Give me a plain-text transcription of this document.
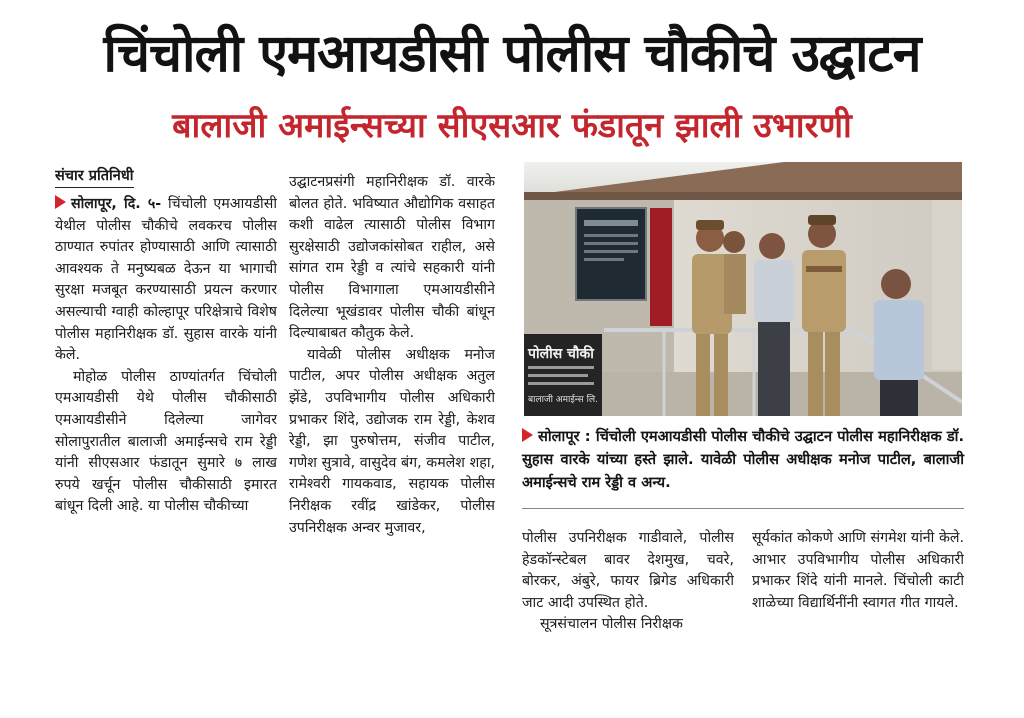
चिंचोली एमआयडीसी पोलीस चौकीचे उद्घाटन
बालाजी अमाईन्सच्या सीएसआर फंडातून झाली उभारणी
संचार प्रतिनिधी

सोलापूर, दि. ५- चिंचोली एमआयडीसी येथील पोलीस चौकीचे लवकरच पोलीस ठाण्यात रुपांतर होण्यासाठी आणि त्यासाठी आवश्यक ते मनुष्यबळ देऊन या भागाची सुरक्षा मजबूत करण्यासाठी प्रयत्न करणार असल्याची ग्वाही कोल्हापूर परिक्षेत्राचे विशेष पोलीस महानिरीक्षक डॉ. सुहास वारके यांनी केले.

मोहोळ पोलीस ठाण्यांतर्गत चिंचोली एमआयडीसी येथे पोलीस चौकीसाठी एमआयडीसीने दिलेल्या जागेवर सोलापुरातील बालाजी अमाईन्सचे राम रेड्डी यांनी सीएसआर फंडातून सुमारे ७ लाख रुपये खर्चून पोलीस चौकीसाठी इमारत बांधून दिली आहे. या पोलीस चौकीच्या

उद्घाटनप्रसंगी महानिरीक्षक डॉ. वारके बोलत होते. भविष्यात औद्योगिक वसाहत कशी वाढेल त्यासाठी पोलीस विभाग सुरक्षेसाठी उद्योजकांसोबत राहील, असे सांगत राम रेड्डी व त्यांचे सहकारी यांनी पोलीस विभागाला एमआयडीसीने दिलेल्या भूखंडावर पोलीस चौकी बांधून दिल्याबाबत कौतुक केले.

यावेळी पोलीस अधीक्षक मनोज पाटील, अपर पोलीस अधीक्षक अतुल झेंडे, उपविभागीय पोलीस अधिकारी प्रभाकर शिंदे, उद्योजक राम रेड्डी, केशव रेड्डी, झा पुरुषोत्तम, संजीव पाटील, गणेश सुत्रावे, वासुदेव बंग, कमलेश शहा, रामेश्वरी गायकवाड, सहायक पोलीस निरीक्षक रवींद्र खांडेकर, पोलीस उपनिरीक्षक अन्वर मुजावर,

पोलीस चौकी
बालाजी अमाईन्स लि.
सोलापूर : चिंचोली एमआयडीसी पोलीस चौकीचे उद्घाटन पोलीस महानिरीक्षक डॉ. सुहास वारके यांच्या हस्ते झाले. यावेळी पोलीस अधीक्षक मनोज पाटील, बालाजी अमाईन्सचे राम रेड्डी व अन्य.

पोलीस उपनिरीक्षक गाडीवाले, पोलीस हेडकॉन्स्टेबल बावर देशमुख, चवरे, बोरकर, अंबुरे, फायर ब्रिगेड अधिकारी जाट आदी उपस्थित होते.

सूत्रसंचालन पोलीस निरीक्षक

सूर्यकांत कोकणे आणि संगमेश यांनी केले. आभार उपविभागीय पोलीस अधिकारी प्रभाकर शिंदे यांनी मानले. चिंचोली काटी शाळेच्या विद्यार्थिनींनी स्वागत गीत गायले.
